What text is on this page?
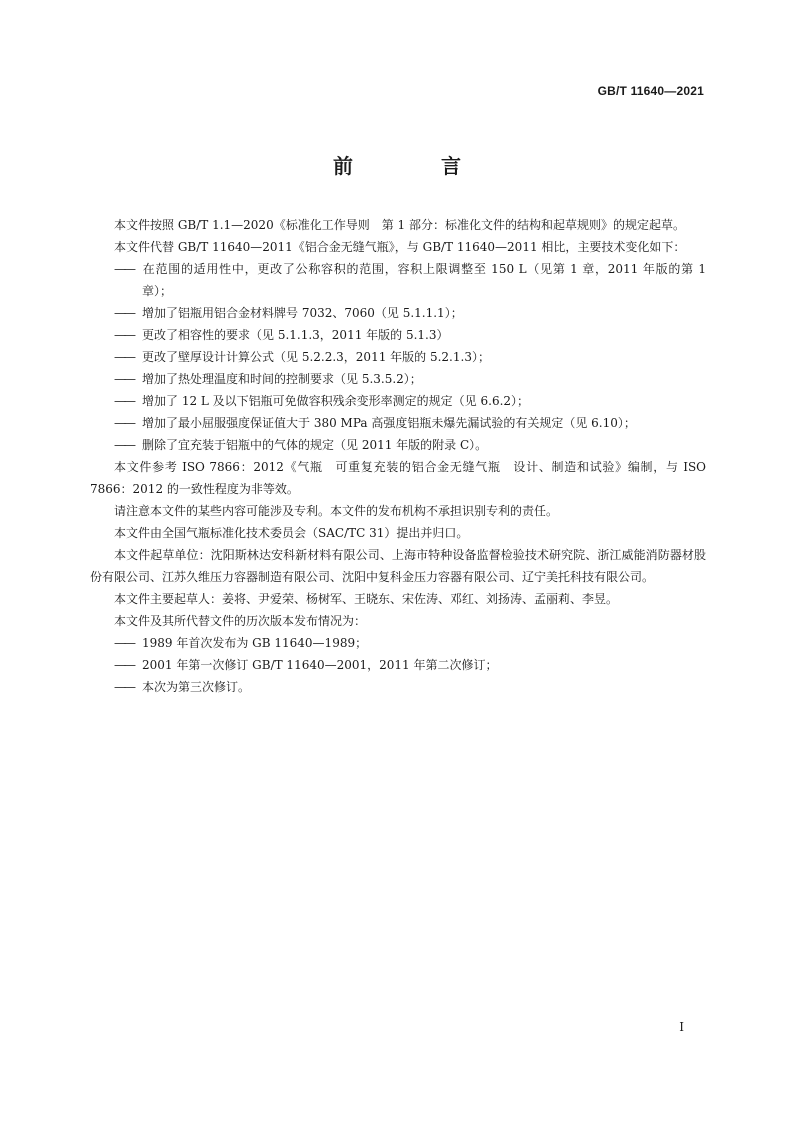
GB/T 11640—2021
前　言

本文件按照 GB/T 1.1—2020《标准化工作导则　第 1 部分：标准化文件的结构和起草规则》的规定起草。

本文件代替 GB/T 11640—2011《铝合金无缝气瓶》，与 GB/T 11640—2011 相比，主要技术变化如下：

—— 在范围的适用性中，更改了公称容积的范围，容积上限调整至 150 L（见第 1 章，2011 年版的第 1 章）；

—— 增加了铝瓶用铝合金材料牌号 7032、7060（见 5.1.1.1）；

—— 更改了相容性的要求（见 5.1.1.3，2011 年版的 5.1.3）

—— 更改了壁厚设计计算公式（见 5.2.2.3，2011 年版的 5.2.1.3）；

—— 增加了热处理温度和时间的控制要求（见 5.3.5.2）；

—— 增加了 12 L 及以下铝瓶可免做容积残余变形率测定的规定（见 6.6.2）；

—— 增加了最小屈服强度保证值大于 380 MPa 高强度铝瓶未爆先漏试验的有关规定（见 6.10）；

—— 删除了宜充装于铝瓶中的气体的规定（见 2011 年版的附录 C）。

本文件参考 ISO 7866：2012《气瓶　可重复充装的铝合金无缝气瓶　设计、制造和试验》编制，与 ISO 7866：2012 的一致性程度为非等效。

请注意本文件的某些内容可能涉及专利。本文件的发布机构不承担识别专利的责任。

本文件由全国气瓶标准化技术委员会（SAC/TC 31）提出并归口。

本文件起草单位：沈阳斯林达安科新材料有限公司、上海市特种设备监督检验技术研究院、浙江威能消防器材股份有限公司、江苏久维压力容器制造有限公司、沈阳中复科金压力容器有限公司、辽宁美托科技有限公司。

本文件主要起草人：姜将、尹爱荣、杨树军、王晓东、宋佐涛、邓红、刘扬涛、孟丽莉、李昱。

本文件及其所代替文件的历次版本发布情况为：

—— 1989 年首次发布为 GB 11640—1989；

—— 2001 年第一次修订 GB/T 11640—2001，2011 年第二次修订；

—— 本次为第三次修订。

I
